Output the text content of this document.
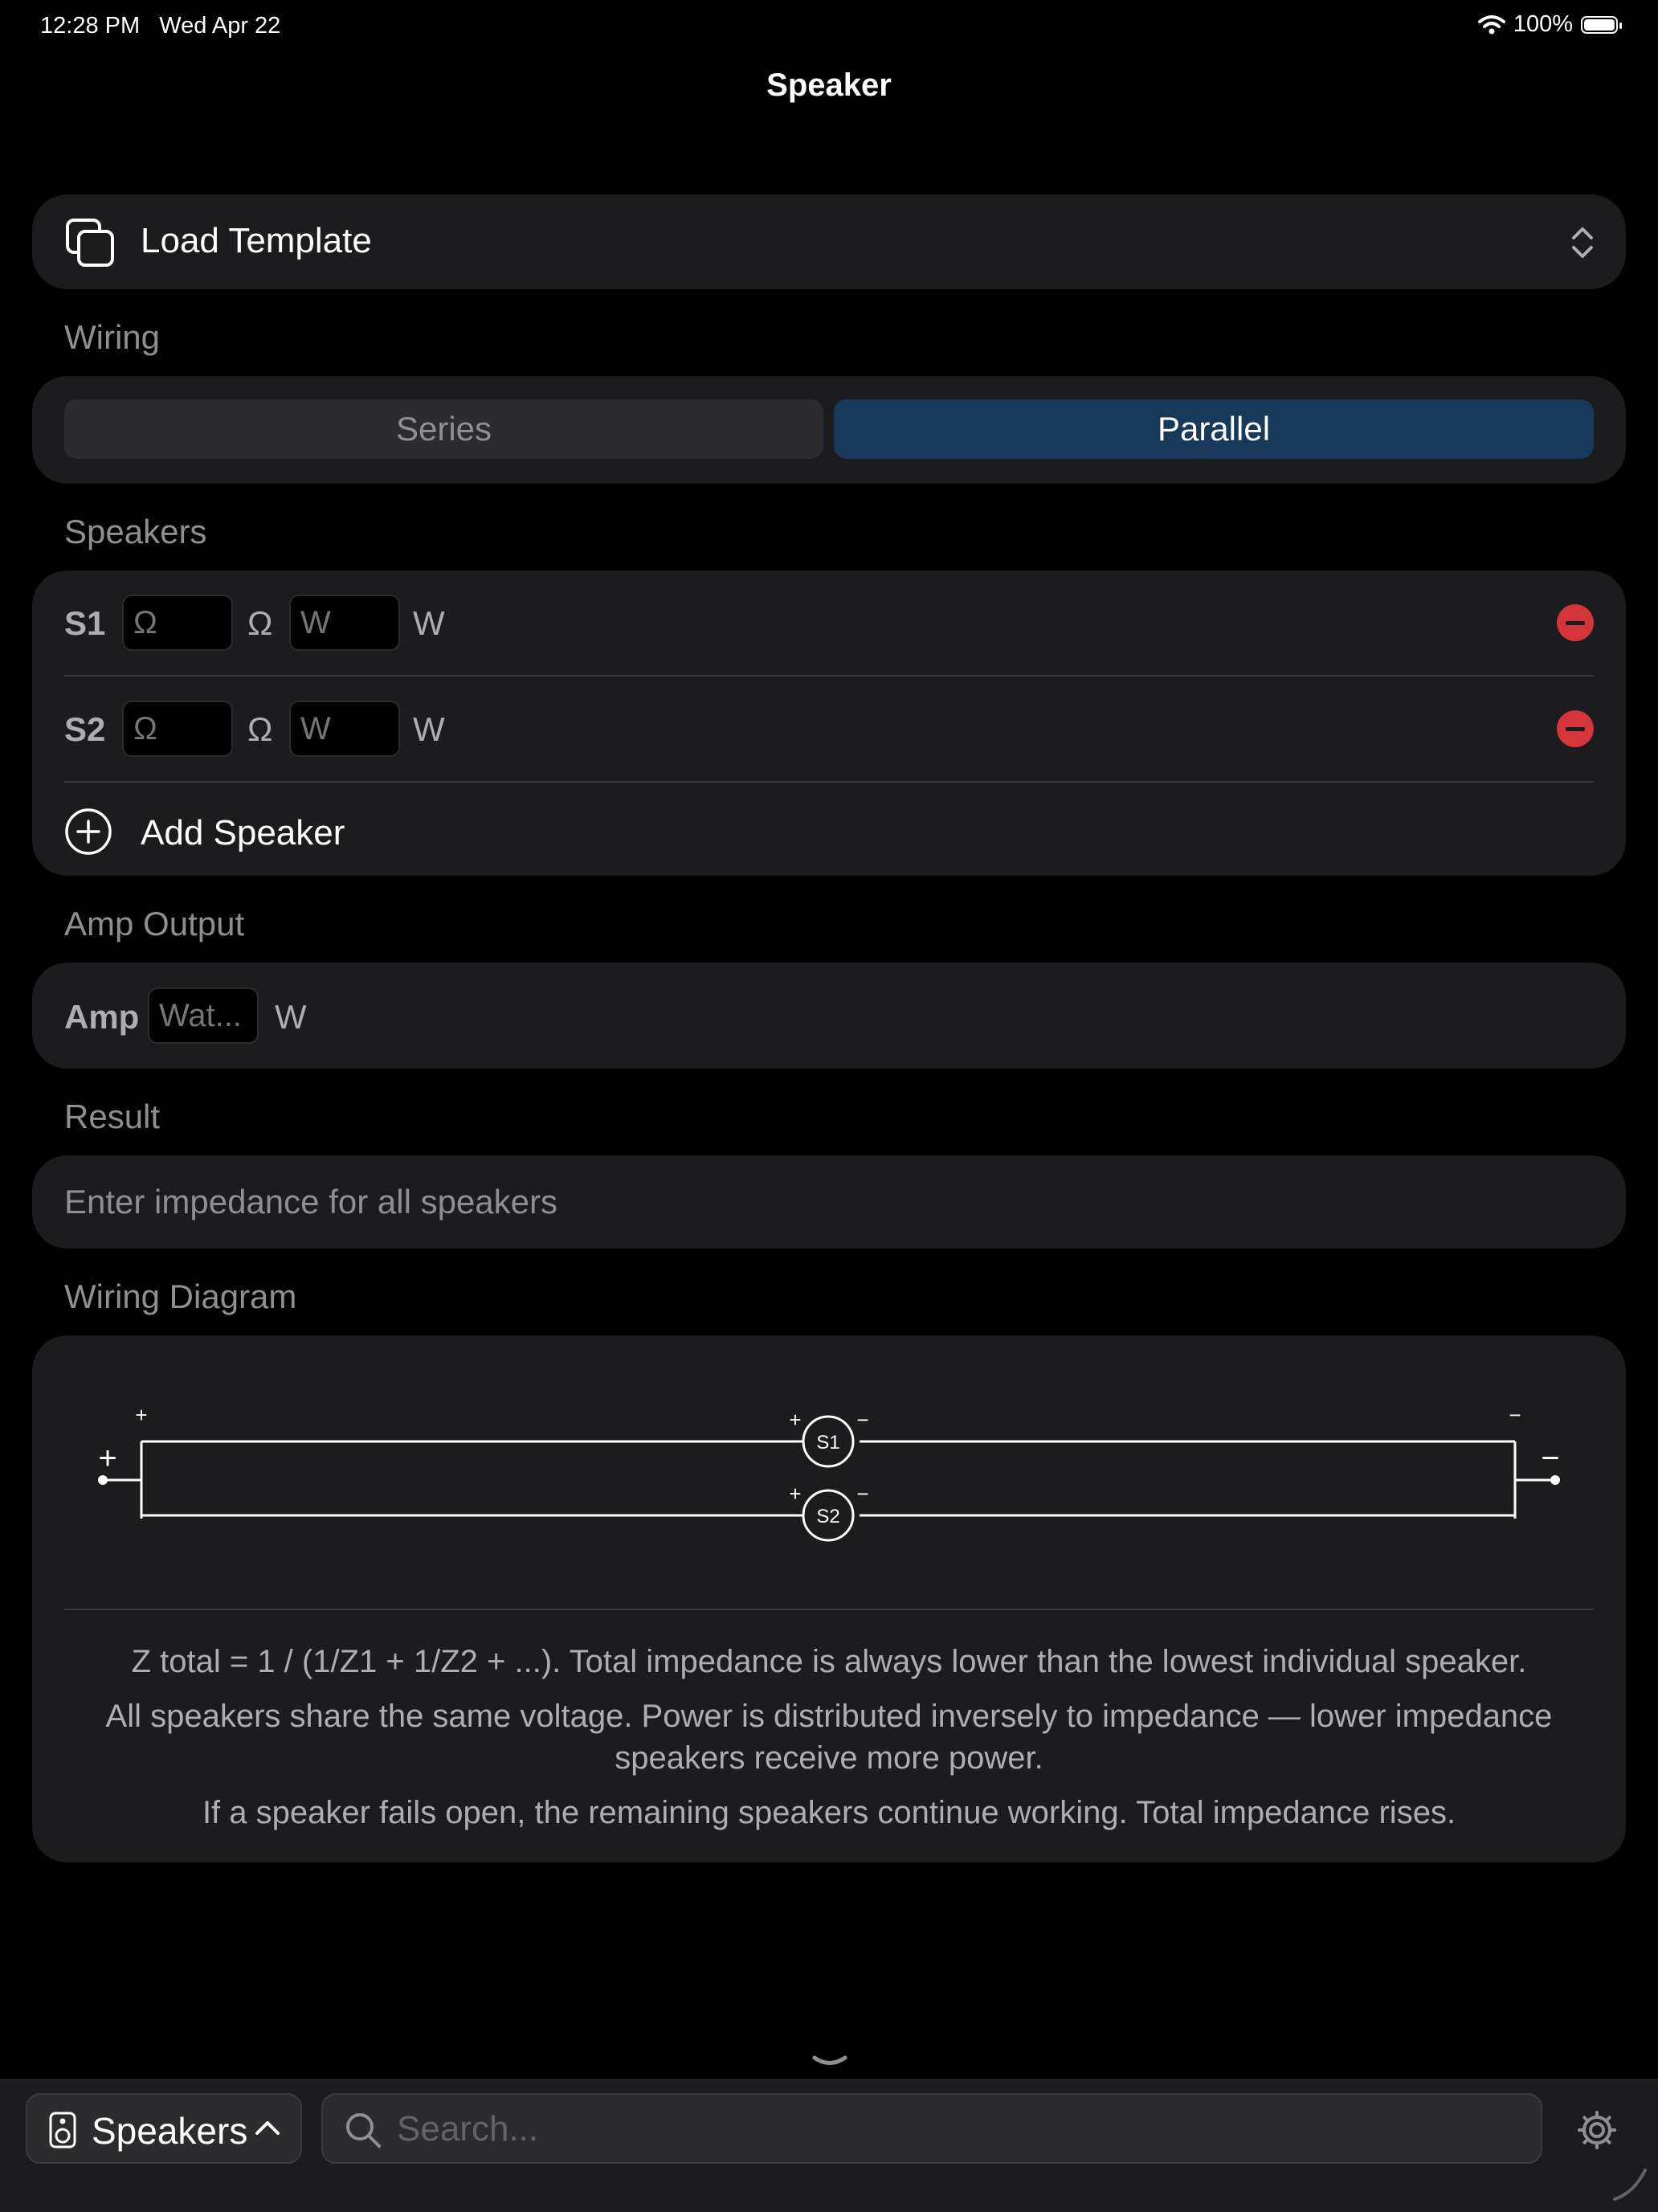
12:28 PM   Wed Apr 22	100%
Speaker
Load Template
Wiring
Series	Parallel
Speakers
S1
Ω	Ω
W	W
S2
Ω	Ω
W	W
Add Speaker
Amp Output
Amp
Wat...	W
Result
Enter impedance for all speakers
Wiring Diagram
+	−
+	−
S1
+	−
S2
+	−

Z total = 1 / (1/Z1 + 1/Z2 + ...). Total impedance is always lower than the lowest individual speaker.

All speakers share the same voltage. Power is distributed inversely to impedance — lower impedance speakers receive more power.

If a speaker fails open, the remaining speakers continue working. Total impedance rises.

Speakers
Search...
